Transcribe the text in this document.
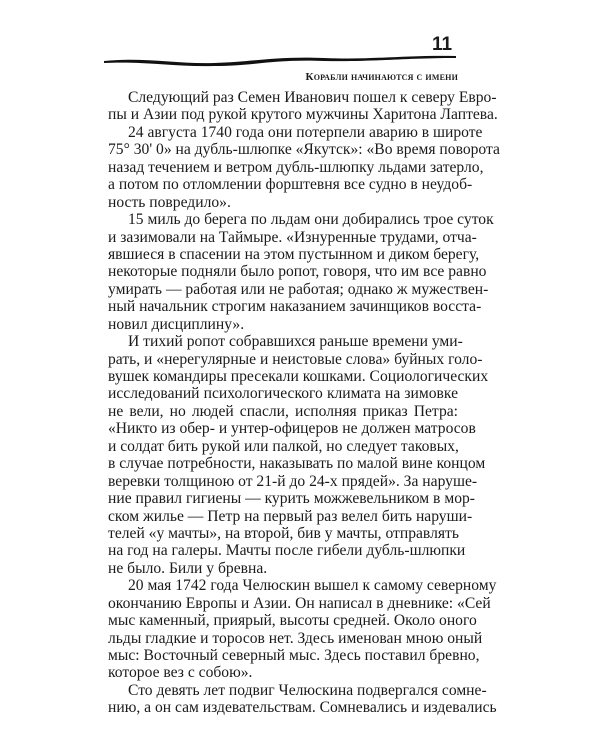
11
Корабли начинаются с имени
Следующий раз Семен Иванович пошел к северу Евро-
пы и Азии под рукой крутого мужчины Харитона Лаптева.
24 августа 1740 года они потерпели аварию в широте
75° 30' 0» на дубль-шлюпке «Якутск»: «Во время поворота
назад течением и ветром дубль-шлюпку льдами затерло,
а потом по отломлении форштевня все судно в неудоб-
ность повредило».
15 миль до берега по льдам они добирались трое суток
и зазимовали на Таймыре. «Изнуренные трудами, отча-
явшиеся в спасении на этом пустынном и диком берегу,
некоторые подняли было ропот, говоря, что им все равно
умирать — работая или не работая; однако ж мужествен-
ный начальник строгим наказанием зачинщиков восста-
новил дисциплину».
И тихий ропот собравшихся раньше времени уми-
рать, и «нерегулярные и неистовые слова» буйных голо-
вушек командиры пресекали кошками. Социологических
исследований психологического климата на зимовке
не вели, но людей спасли, исполняя приказ Петра:
«Никто из обер- и унтер-офицеров не должен матросов
и солдат бить рукой или палкой, но следует таковых,
в случае потребности, наказывать по малой вине концом
веревки толщиною от 21-й до 24-х прядей». За наруше-
ние правил гигиены — курить можжевельником в мор-
ском жилье — Петр на первый раз велел бить наруши-
телей «у мачты», на второй, бив у мачты, отправлять
на год на галеры. Мачты после гибели дубль-шлюпки
не было. Били у бревна.
20 мая 1742 года Челюскин вышел к самому северному
окончанию Европы и Азии. Он написал в дневнике: «Сей
мыс каменный, приярый, высоты средней. Около оного
льды гладкие и торосов нет. Здесь именован мною оный
мыс: Восточный северный мыс. Здесь поставил бревно,
которое вез с собою».
Сто девять лет подвиг Челюскина подвергался сомне-
нию, а он сам издевательствам. Сомневались и издевались
